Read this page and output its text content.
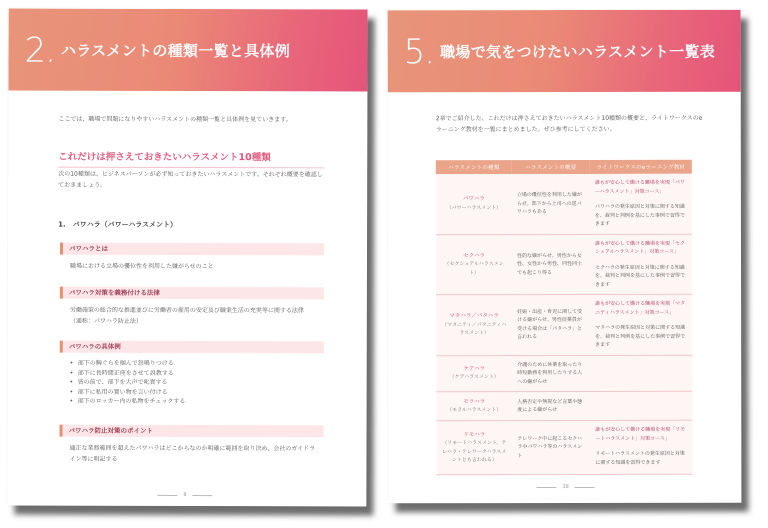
2. ハラスメントの種類一覧と具体例

ここでは、職場で問題になりやすいハラスメントの種類一覧と具体例を見ていきます。

これだけは押さえておきたいハラスメント10種類

次の10種類は、ビジネスパーソンが必ず知っておきたいハラスメントです。それぞれ概要を確認しておきましょう。

1.　パワハラ（パワーハラスメント）
パワハラとは

職場における立場の優位性を利用した嫌がらせのこと

パワハラ対策を義務付ける法律

労働施策の総合的な推進並びに労働者の雇用の安定及び職業生活の充実等に関する法律
（通称：パワハラ防止法）

パワハラの具体例
• 部下の胸ぐらを掴んで怒鳴りつける
• 部下に長時間正座をさせて説教する
• 皆の前で、部下を大声で叱責する
• 部下に私用の買い物を言い付ける
• 部下のロッカー内の私物をチェックする
パワハラ防止対策のポイント

適正な業務範囲を超えたパワハラはどこからなのか明確に範囲を取り決め、会社のガイドライン等に明記する

8
5. 職場で気をつけたいハラスメント一覧表

2章でご紹介した、これだけは押さえておきたいハラスメント10種類の概要と、ライトワークスのeラーニング教材を一覧にまとめました。ぜひ参考にしてください。

ハラスメントの種類	ハラスメントの概要	ライトワークスのeラーニング教材

パワハラ
（パワーハラスメント）	立場の優位性を利用した嫌がらせ。部下から上司への逆パワハラもある	誰もが安心して働ける職場を実現「パワーハラスメント」対策コース」
パワハラの発生原因と対策に関する知識を、裁判と判例を基にした事例で習得できます

セクハラ
（セクシュアルハラスメント）	性的な嫌がらせ。男性から女性、女性から男性、同性同士でも起こり得る	誰もが安心して働ける職場を実現「セクシュアルハラスメント」対策コース」
セクハラの発生原因と対策に関する知識を、裁判と判例を基にした事例で習得できます

マタハラ／パタハラ
（マタニティ／パタニティハラスメント）	妊娠・出産・育児に関して受ける嫌がらせ。男性従業員が受ける場合は「パタハラ」と言われる	誰もが安心して働ける職場を実現「マタニティハラスメント」対策コース」
マタハラの発生原因と対策に関する知識を、裁判と判例を基にした事例で習得できます

ケアハラ
（ケアハラスメント）	介護のために休業を取ったり時短勤務を利用したりする人への嫌がらせ	

モラハラ
（モラルハラスメント）	人格否定や無視など言葉や態度による嫌がらせ	

リモハラ
（リモートハラスメント。テレハラ・テレワークハラスメントとも言われる）	テレワーク中に起こるセクハラやパワハラ等のハラスメント	誰もが安心して働ける職場を実現「リモートハラスメント」対策コース」
リモートハラスメントの発生原因と対策に関する知識を習得できます
38
